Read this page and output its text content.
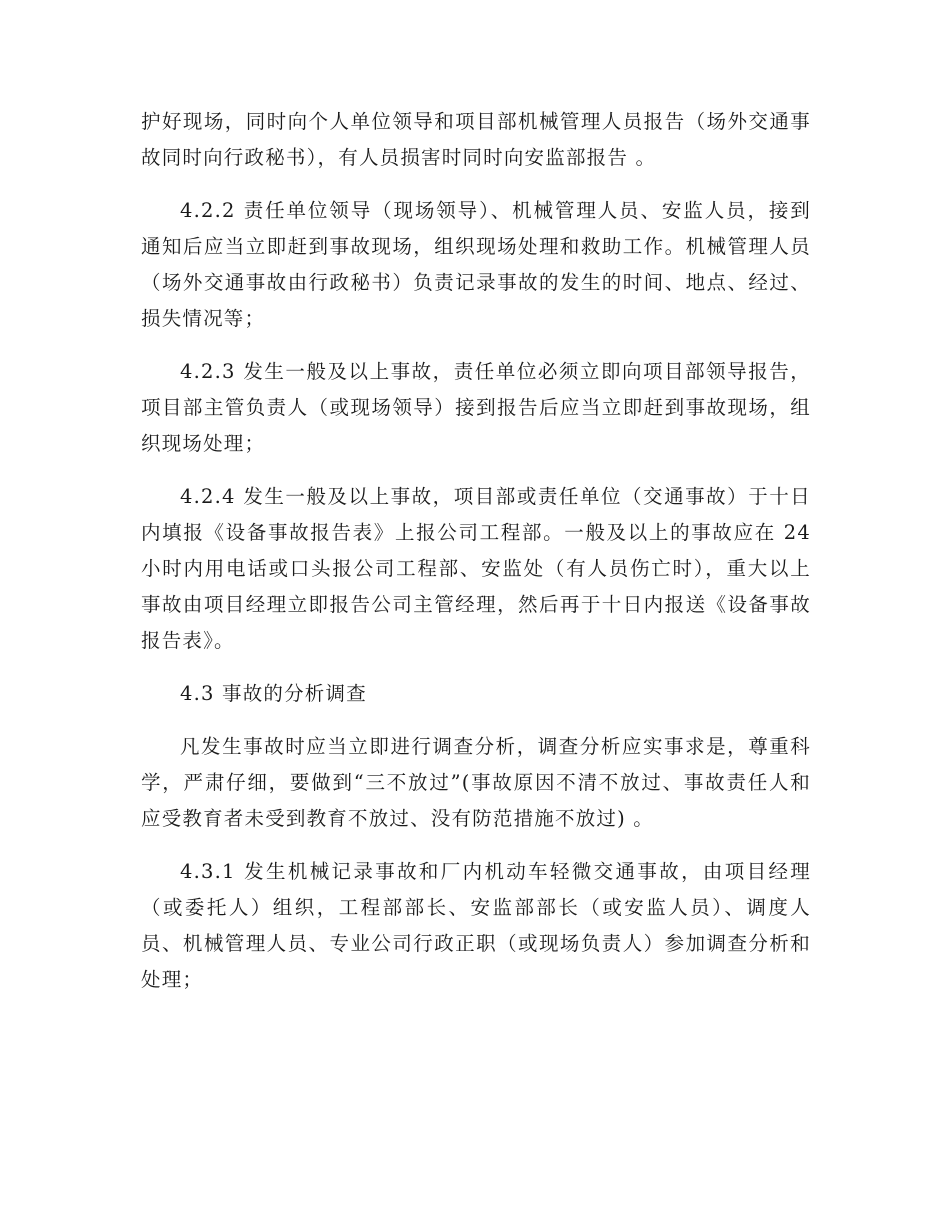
护好现场，同时向个人单位领导和项目部机械管理人员报告（场外交通事故同时向行政秘书），有人员损害时同时向安监部报告 。

4.2.2 责任单位领导（现场领导）、机械管理人员、安监人员，接到通知后应当立即赶到事故现场，组织现场处理和救助工作。机械管理人员（场外交通事故由行政秘书）负责记录事故的发生的时间、地点、经过、损失情况等；

4.2.3 发生一般及以上事故，责任单位必须立即向项目部领导报告，项目部主管负责人（或现场领导）接到报告后应当立即赶到事故现场，组织现场处理；

4.2.4 发生一般及以上事故，项目部或责任单位（交通事故）于十日内填报《设备事故报告表》上报公司工程部。一般及以上的事故应在 24 小时内用电话或口头报公司工程部、安监处（有人员伤亡时），重大以上事故由项目经理立即报告公司主管经理，然后再于十日内报送《设备事故报告表》。

4.3 事故的分析调查

凡发生事故时应当立即进行调查分析，调查分析应实事求是，尊重科学，严肃仔细，要做到“三不放过”(事故原因不清不放过、事故责任人和应受教育者未受到教育不放过、没有防范措施不放过) 。

4.3.1 发生机械记录事故和厂内机动车轻微交通事故，由项目经理（或委托人）组织，工程部部长、安监部部长（或安监人员）、调度人员、机械管理人员、专业公司行政正职（或现场负责人）参加调查分析和处理；
